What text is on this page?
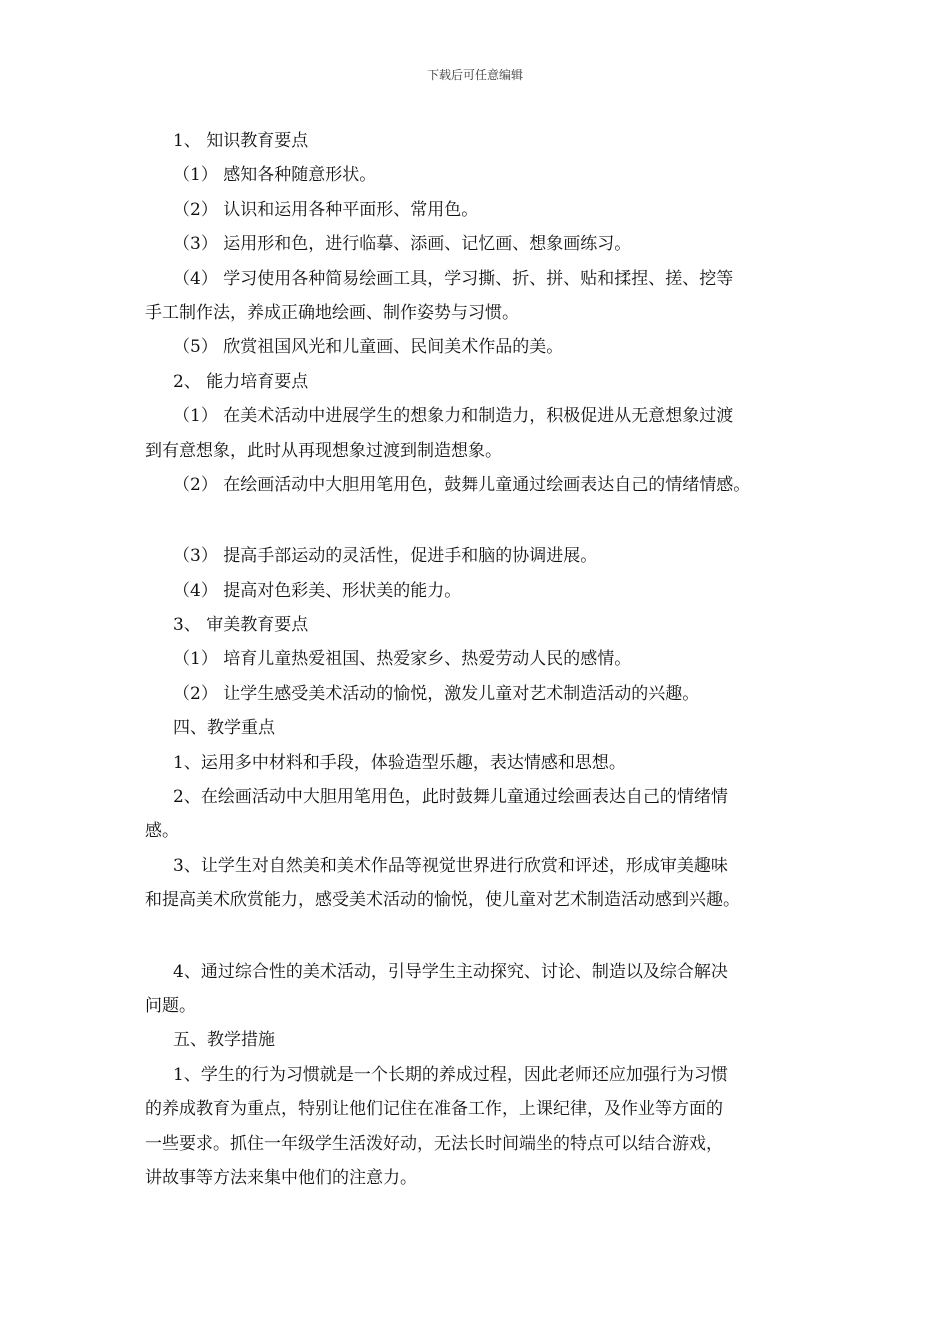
下载后可任意编辑
1、 知识教育要点
（1） 感知各种随意形状。
（2） 认识和运用各种平面形、常用色。
（3） 运用形和色，进行临摹、添画、记忆画、想象画练习。
（4） 学习使用各种简易绘画工具，学习撕、折、拼、贴和揉捏、搓、挖等
手工制作法，养成正确地绘画、制作姿势与习惯。
（5） 欣赏祖国风光和儿童画、民间美术作品的美。
2、 能力培育要点
（1） 在美术活动中进展学生的想象力和制造力，积极促进从无意想象过渡
到有意想象，此时从再现想象过渡到制造想象。
（2） 在绘画活动中大胆用笔用色，鼓舞儿童通过绘画表达自己的情绪情感。
（3） 提高手部运动的灵活性，促进手和脑的协调进展。
（4） 提高对色彩美、形状美的能力。
3、 审美教育要点
（1） 培育儿童热爱祖国、热爱家乡、热爱劳动人民的感情。
（2） 让学生感受美术活动的愉悦，激发儿童对艺术制造活动的兴趣。
四、教学重点
1、运用多中材料和手段，体验造型乐趣，表达情感和思想。
2、在绘画活动中大胆用笔用色，此时鼓舞儿童通过绘画表达自己的情绪情
感。
3、让学生对自然美和美术作品等视觉世界进行欣赏和评述，形成审美趣味
和提高美术欣赏能力，感受美术活动的愉悦，使儿童对艺术制造活动感到兴趣。
4、通过综合性的美术活动，引导学生主动探究、讨论、制造以及综合解决
问题。
五、教学措施
1、学生的行为习惯就是一个长期的养成过程，因此老师还应加强行为习惯
的养成教育为重点，特别让他们记住在准备工作，上课纪律，及作业等方面的
一些要求。抓住一年级学生活泼好动，无法长时间端坐的特点可以结合游戏，
讲故事等方法来集中他们的注意力。
